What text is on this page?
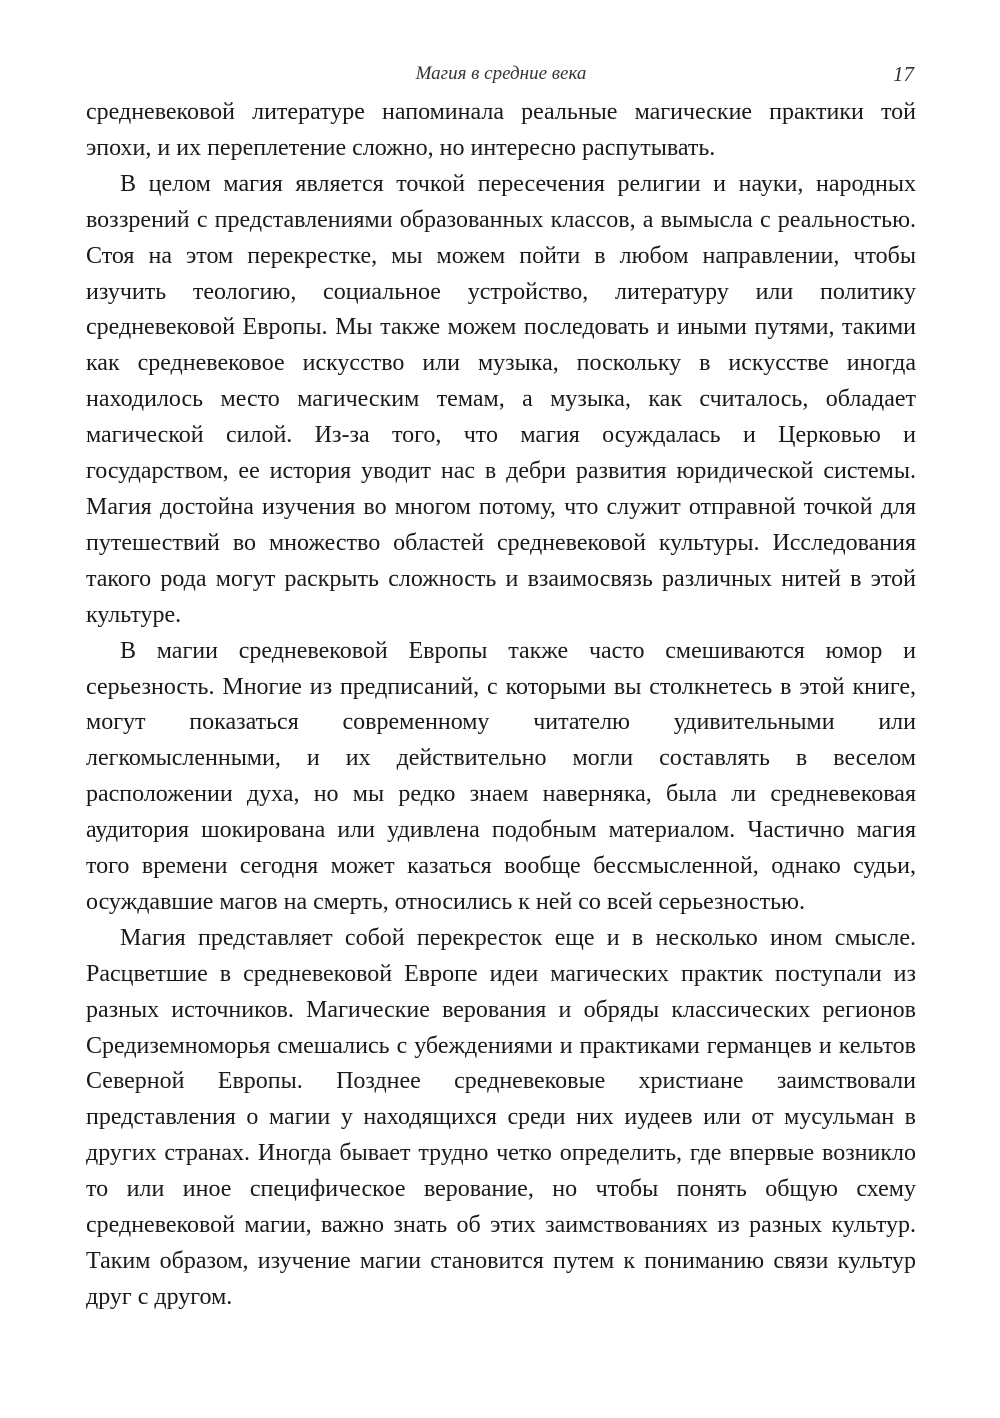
Магия в средние века	17

средневековой литературе напоминала реальные магические практики той эпохи, и их переплетение сложно, но интересно распутывать.

В целом магия является точкой пересечения религии и науки, народных воззрений с представлениями образованных классов, а вымысла с реальностью. Стоя на этом перекрестке, мы можем пойти в любом направлении, чтобы изучить теологию, социальное устройство, литературу или политику средневековой Европы. Мы также можем последовать и иными путями, такими как средневековое искусство или музыка, поскольку в искусстве иногда находилось место магическим темам, а музыка, как считалось, обладает магической силой. Из-за того, что магия осуждалась и Церковью и государством, ее история уводит нас в дебри развития юридической системы. Магия достойна изучения во многом потому, что служит отправной точкой для путешествий во множество областей средневековой культуры. Исследования такого рода могут раскрыть сложность и взаимосвязь различных нитей в этой культуре.

В магии средневековой Европы также часто смешиваются юмор и серьезность. Многие из предписаний, с которыми вы столкнетесь в этой книге, могут показаться современному читателю удивительными или легкомысленными, и их действительно могли составлять в веселом расположении духа, но мы редко знаем наверняка, была ли средневековая аудитория шокирована или удивлена подобным материалом. Частично магия того времени сегодня может казаться вообще бессмысленной, однако судьи, осуждавшие магов на смерть, относились к ней со всей серьезностью.

Магия представляет собой перекресток еще и в несколько ином смысле. Расцветшие в средневековой Европе идеи магических практик поступали из разных источников. Магические верования и обряды классических регионов Средиземноморья смешались с убеждениями и практиками германцев и кельтов Северной Европы. Позднее средневековые христиане заимствовали представления о магии у находящихся среди них иудеев или от мусульман в других странах. Иногда бывает трудно четко определить, где впервые возникло то или иное специфическое верование, но чтобы понять общую схему средневековой магии, важно знать об этих заимствованиях из разных культур. Таким образом, изучение магии становится путем к пониманию связи культур друг с другом.
